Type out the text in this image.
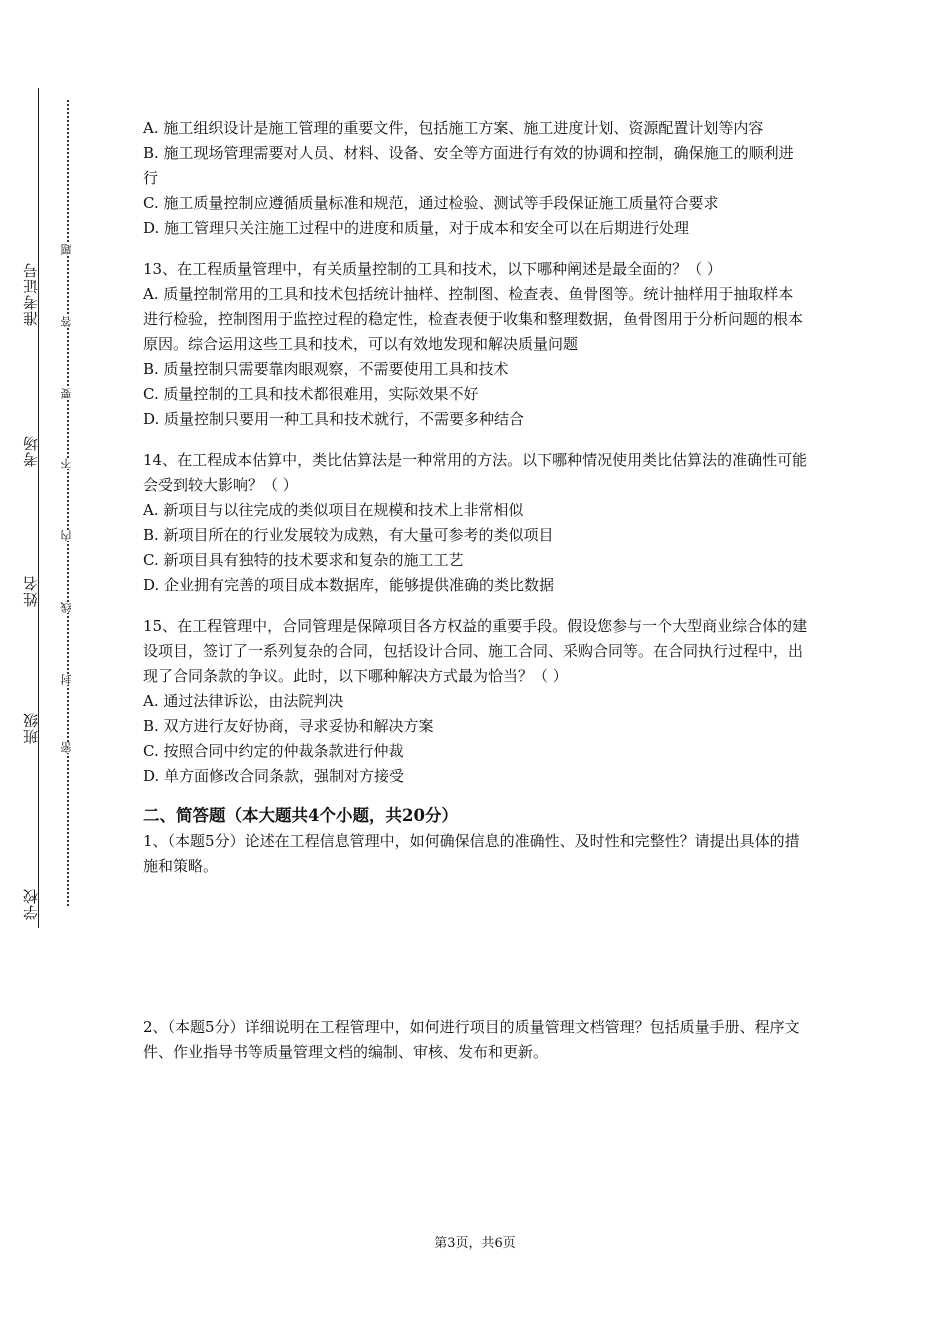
准考证号
考场
姓名
班级
学校
题
答
要
不
内
线
封
密

A. 施工组织设计是施工管理的重要文件，包括施工方案、施工进度计划、资源配置计划等内容

B. 施工现场管理需要对人员、材料、设备、安全等方面进行有效的协调和控制，确保施工的顺利进行

C. 施工质量控制应遵循质量标准和规范，通过检验、测试等手段保证施工质量符合要求

D. 施工管理只关注施工过程中的进度和质量，对于成本和安全可以在后期进行处理

13、在工程质量管理中，有关质量控制的工具和技术，以下哪种阐述是最全面的？（ ）

A. 质量控制常用的工具和技术包括统计抽样、控制图、检查表、鱼骨图等。统计抽样用于抽取样本进行检验，控制图用于监控过程的稳定性，检查表便于收集和整理数据，鱼骨图用于分析问题的根本原因。综合运用这些工具和技术，可以有效地发现和解决质量问题

B. 质量控制只需要靠肉眼观察，不需要使用工具和技术

C. 质量控制的工具和技术都很难用，实际效果不好

D. 质量控制只要用一种工具和技术就行，不需要多种结合

14、在工程成本估算中，类比估算法是一种常用的方法。以下哪种情况使用类比估算法的准确性可能会受到较大影响？（ ）

A. 新项目与以往完成的类似项目在规模和技术上非常相似

B. 新项目所在的行业发展较为成熟，有大量可参考的类似项目

C. 新项目具有独特的技术要求和复杂的施工工艺

D. 企业拥有完善的项目成本数据库，能够提供准确的类比数据

15、在工程管理中，合同管理是保障项目各方权益的重要手段。假设您参与一个大型商业综合体的建设项目，签订了一系列复杂的合同，包括设计合同、施工合同、采购合同等。在合同执行过程中，出现了合同条款的争议。此时，以下哪种解决方式最为恰当？（ ）

A. 通过法律诉讼，由法院判决

B. 双方进行友好协商，寻求妥协和解决方案

C. 按照合同中约定的仲裁条款进行仲裁

D. 单方面修改合同条款，强制对方接受

二、简答题（本大题共4个小题，共20分）

1、（本题5分）论述在工程信息管理中，如何确保信息的准确性、及时性和完整性？请提出具体的措施和策略。

2、（本题5分）详细说明在工程管理中，如何进行项目的质量管理文档管理？包括质量手册、程序文件、作业指导书等质量管理文档的编制、审核、发布和更新。

第3页，共6页
